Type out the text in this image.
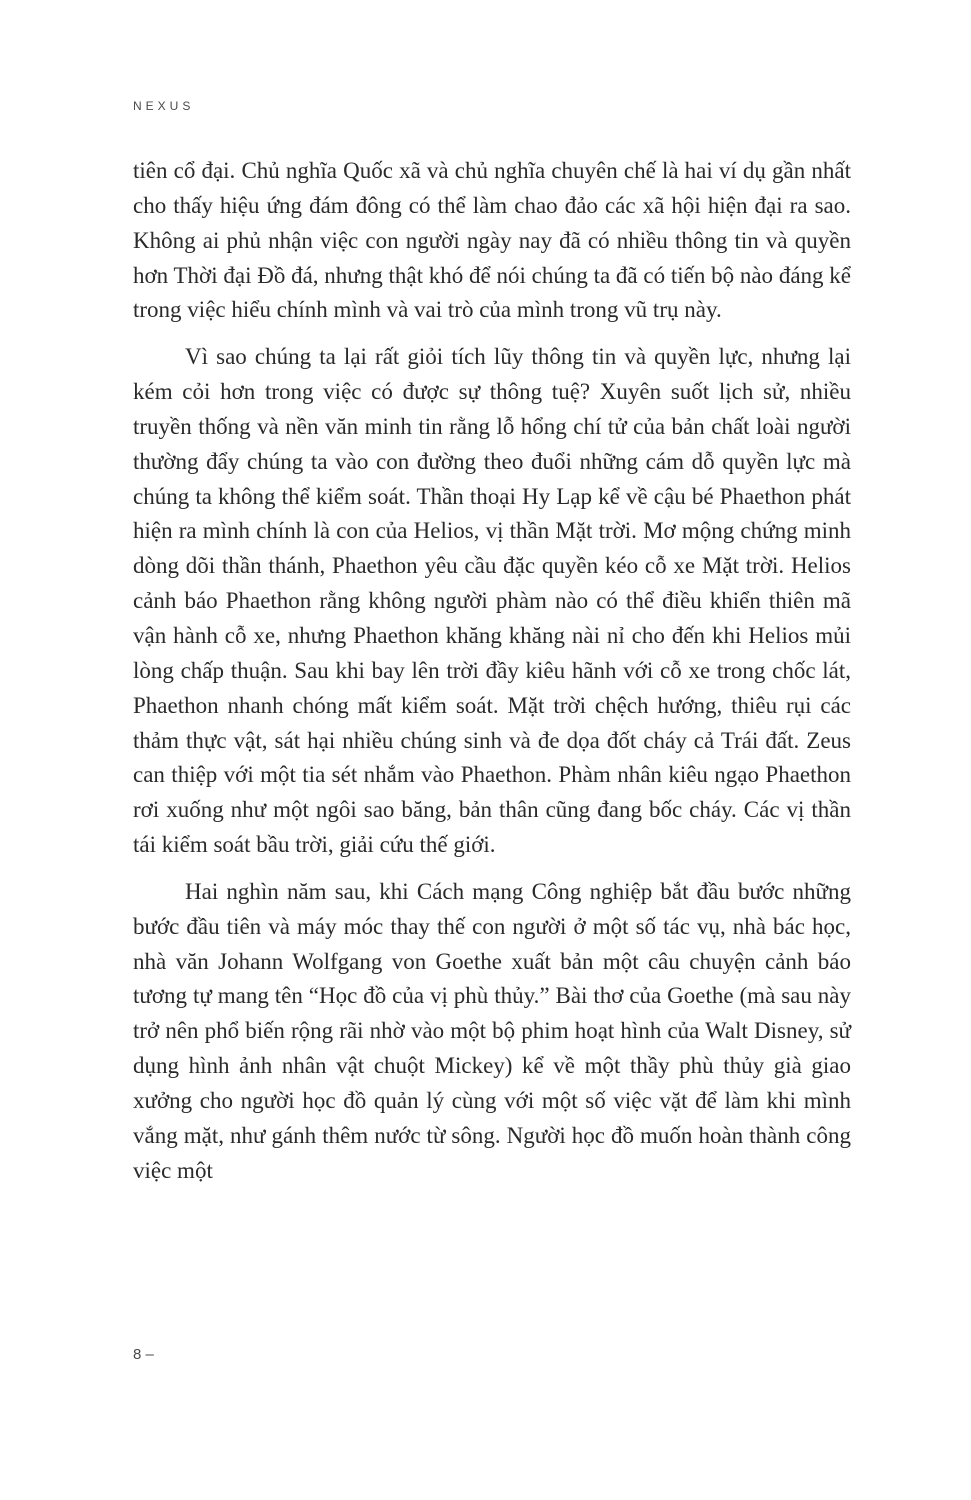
NEXUS

tiên cổ đại. Chủ nghĩa Quốc xã và chủ nghĩa chuyên chế là hai ví dụ gần nhất cho thấy hiệu ứng đám đông có thể làm chao đảo các xã hội hiện đại ra sao. Không ai phủ nhận việc con người ngày nay đã có nhiều thông tin và quyền hơn Thời đại Đồ đá, nhưng thật khó để nói chúng ta đã có tiến bộ nào đáng kể trong việc hiểu chính mình và vai trò của mình trong vũ trụ này.

Vì sao chúng ta lại rất giỏi tích lũy thông tin và quyền lực, nhưng lại kém cỏi hơn trong việc có được sự thông tuệ? Xuyên suốt lịch sử, nhiều truyền thống và nền văn minh tin rằng lỗ hổng chí tử của bản chất loài người thường đẩy chúng ta vào con đường theo đuổi những cám dỗ quyền lực mà chúng ta không thể kiểm soát. Thần thoại Hy Lạp kể về cậu bé Phaethon phát hiện ra mình chính là con của Helios, vị thần Mặt trời. Mơ mộng chứng minh dòng dõi thần thánh, Phaethon yêu cầu đặc quyền kéo cỗ xe Mặt trời. Helios cảnh báo Phaethon rằng không người phàm nào có thể điều khiển thiên mã vận hành cỗ xe, nhưng Phaethon khăng khăng nài nỉ cho đến khi Helios mủi lòng chấp thuận. Sau khi bay lên trời đầy kiêu hãnh với cỗ xe trong chốc lát, Phaethon nhanh chóng mất kiểm soát. Mặt trời chệch hướng, thiêu rụi các thảm thực vật, sát hại nhiều chúng sinh và đe dọa đốt cháy cả Trái đất. Zeus can thiệp với một tia sét nhắm vào Phaethon. Phàm nhân kiêu ngạo Phaethon rơi xuống như một ngôi sao băng, bản thân cũng đang bốc cháy. Các vị thần tái kiểm soát bầu trời, giải cứu thế giới.

Hai nghìn năm sau, khi Cách mạng Công nghiệp bắt đầu bước những bước đầu tiên và máy móc thay thế con người ở một số tác vụ, nhà bác học, nhà văn Johann Wolfgang von Goethe xuất bản một câu chuyện cảnh báo tương tự mang tên “Học đồ của vị phù thủy.” Bài thơ của Goethe (mà sau này trở nên phổ biến rộng rãi nhờ vào một bộ phim hoạt hình của Walt Disney, sử dụng hình ảnh nhân vật chuột Mickey) kể về một thầy phù thủy già giao xưởng cho người học đồ quản lý cùng với một số việc vặt để làm khi mình vắng mặt, như gánh thêm nước từ sông. Người học đồ muốn hoàn thành công việc một

8 –
